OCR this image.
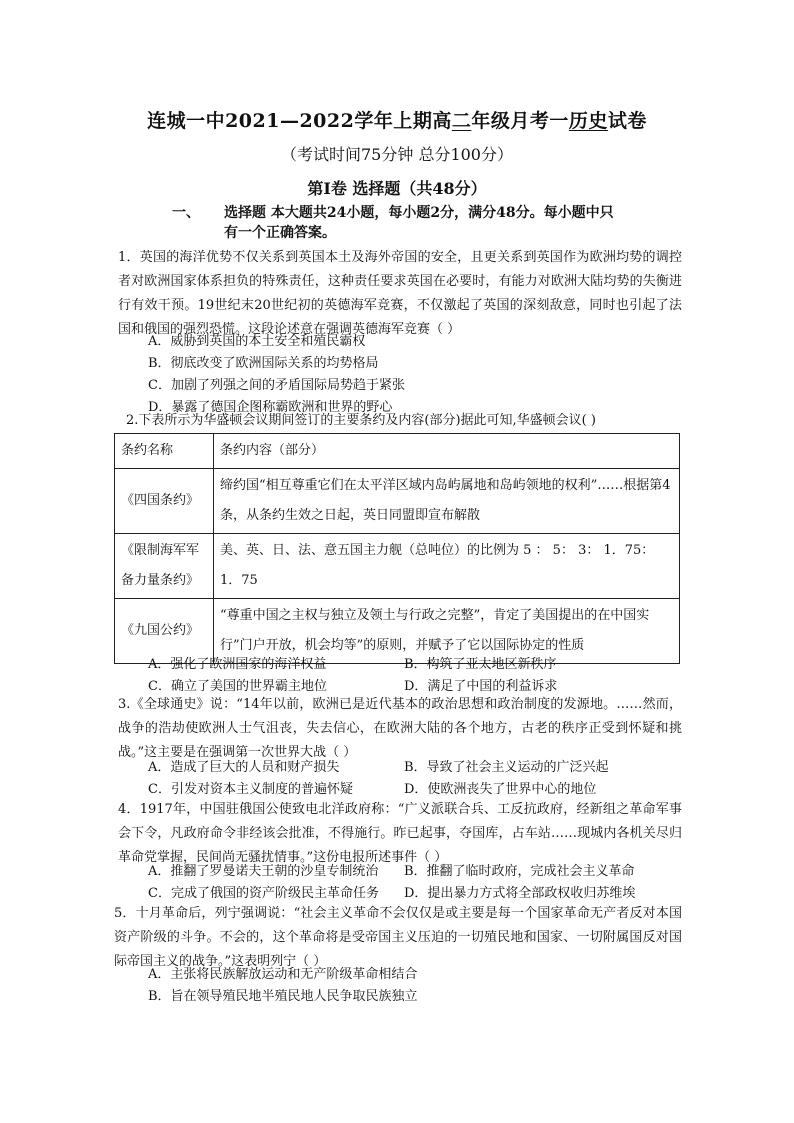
连城一中2021—2022学年上期高二年级月考一历史试卷
（考试时间75分钟 总分100分）
第Ⅰ卷 选择题（共48分）
一、 选择题 本大题共24小题，每小题2分，满分48分。每小题中只
有一个正确答案。
1．英国的海洋优势不仅关系到英国本土及海外帝国的安全，且更关系到英国作为欧洲均势的调控者对欧洲国家体系担负的特殊责任，这种责任要求英国在必要时，有能力对欧洲大陆均势的失衡进行有效干预。19世纪末20世纪初的英德海军竞赛，不仅激起了英国的深刻敌意，同时也引起了法国和俄国的强烈恐慌。这段论述意在强调英德海军竞赛（ ）
A．威胁到英国的本土安全和殖民霸权
B．彻底改变了欧洲国际关系的均势格局
C．加剧了列强之间的矛盾国际局势趋于紧张
D．暴露了德国企图称霸欧洲和世界的野心
2.下表所示为华盛顿会议期间签订的主要条约及内容(部分)据此可知,华盛顿会议( )
条约名称	条约内容（部分）
《四国条约》	缔约国“相互尊重它们在太平洋区域内岛屿属地和岛屿领地的权利”……根据第4条，从条约生效之日起，英日同盟即宣布解散
《限制海军军备力量条约》	美、英、日、法、意五国主力舰（总吨位）的比例为 5 ： 5： 3： 1．75： 1．75
《九国公约》	“尊重中国之主权与独立及领土与行政之完整”，肯定了美国提出的在中国实行”门户开放，机会均等”的原则，并赋予了它以国际协定的性质
A．强化了欧洲国家的海洋权益	B．构筑了亚太地区新秩序
C．确立了美国的世界霸主地位	D．满足了中国的利益诉求
3.《全球通史》说：“14年以前，欧洲已是近代基本的政治思想和政治制度的发源地。……然而，战争的浩劫使欧洲人士气沮丧，失去信心，在欧洲大陆的各个地方，古老的秩序正受到怀疑和挑战。”这主要是在强调第一次世界大战（ ）
A．造成了巨大的人员和财产损失	B．导致了社会主义运动的广泛兴起
C．引发对资本主义制度的普遍怀疑	D．使欧洲丧失了世界中心的地位
4．1917年，中国驻俄国公使致电北洋政府称：“广义派联合兵、工反抗政府，经新组之革命军事会下令，凡政府命令非经该会批准，不得施行。昨已起事，夺国库，占车站……现城内各机关尽归革命党掌握，民间尚无骚扰情事。”这份电报所述事件（ ）
A．推翻了罗曼诺夫王朝的沙皇专制统治 B．推翻了临时政府，完成社会主义革命
C．完成了俄国的资产阶级民主革命任务 D．提出暴力方式将全部政权收归苏维埃
5．十月革命后，列宁强调说：“社会主义革命不会仅仅是或主要是每一个国家革命无产者反对本国资产阶级的斗争。不会的，这个革命将是受帝国主义压迫的一切殖民地和国家、一切附属国反对国际帝国主义的战争。”这表明列宁（ ）
A．主张将民族解放运动和无产阶级革命相结合
B．旨在领导殖民地半殖民地人民争取民族独立
